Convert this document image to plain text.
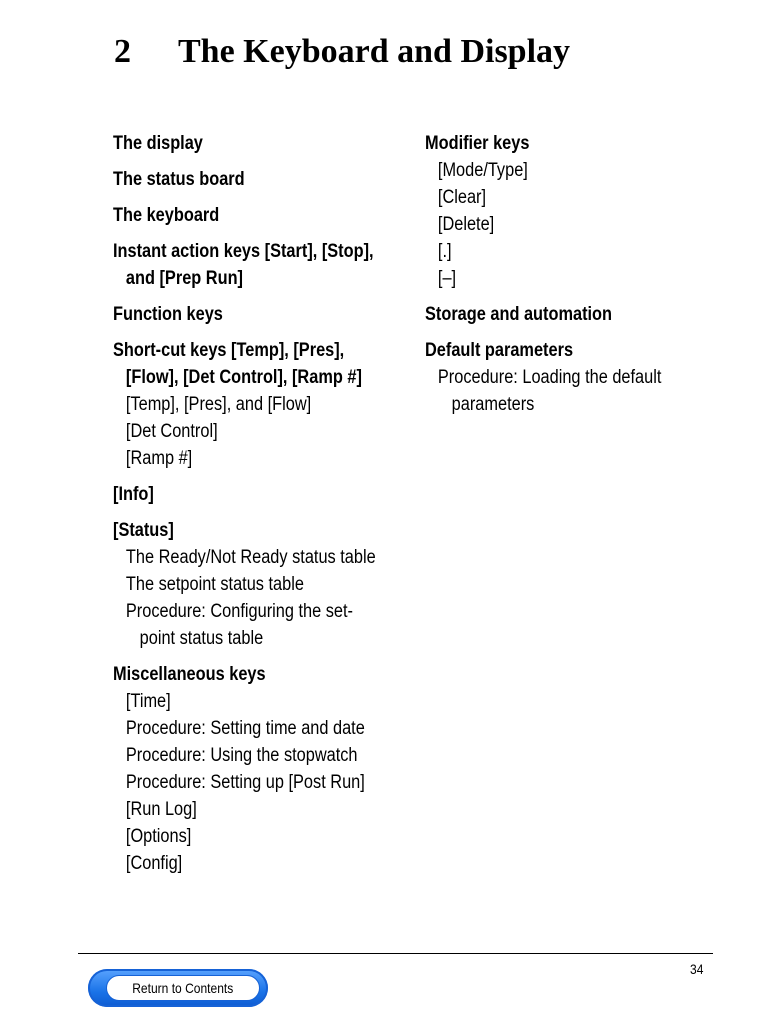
2 The Keyboard and Display

The display

The status board

The keyboard

Instant action keys [Start], [Stop],

and [Prep Run]

Function keys

Short-cut keys [Temp], [Pres],

[Flow], [Det Control], [Ramp #]

[Temp], [Pres], and [Flow]

[Det Control]

[Ramp #]

[Info]

[Status]

The Ready/Not Ready status table

The setpoint status table

Procedure: Configuring the set-

point status table

Miscellaneous keys

[Time]

Procedure: Setting time and date

Procedure: Using the stopwatch

Procedure: Setting up [Post Run]

[Run Log]

[Options]

[Config]

Modifier keys

[Mode/Type]

[Clear]

[Delete]

[.]

[–]

Storage and automation

Default parameters

Procedure: Loading the default

parameters

34
Return to Contents
